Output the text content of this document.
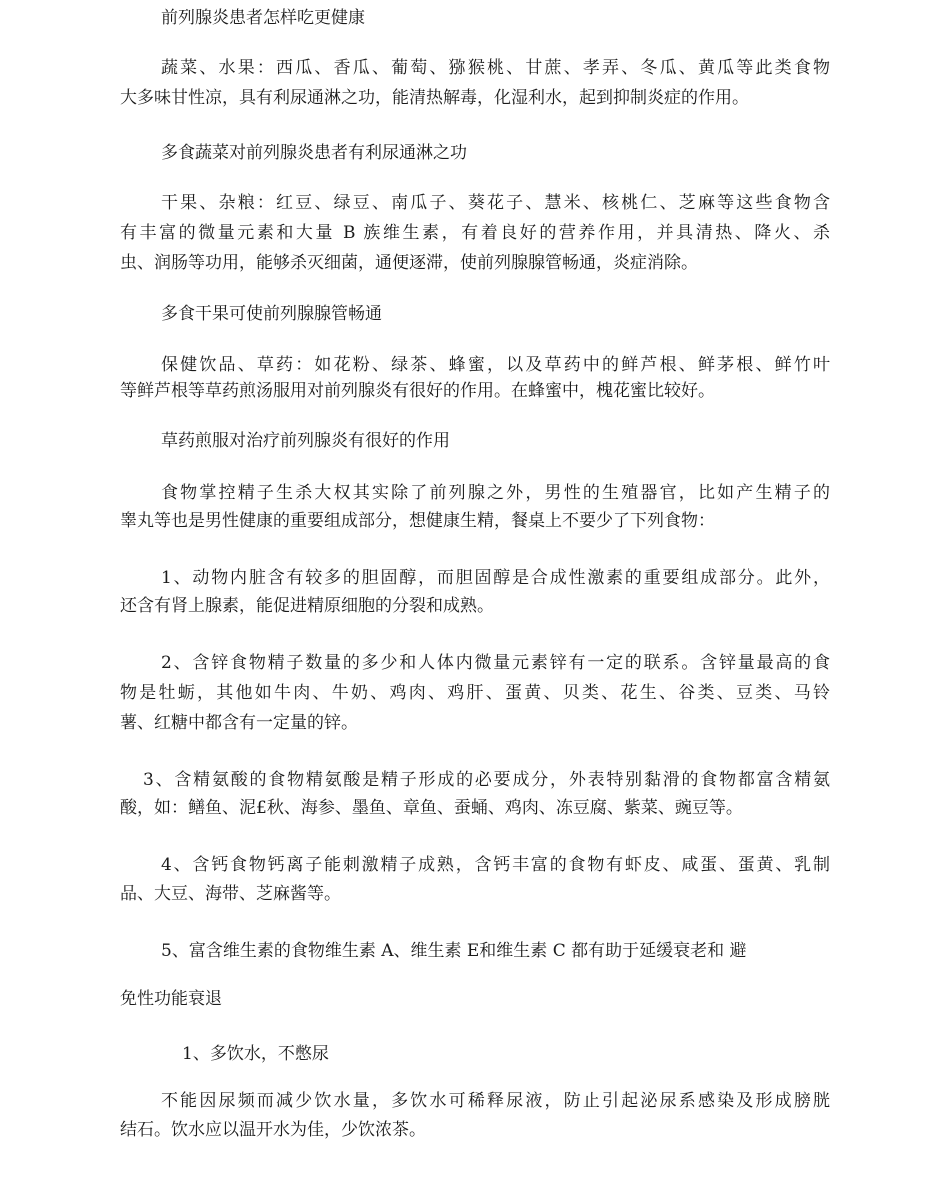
前列腺炎患者怎样吃更健康
蔬菜、水果：西瓜、香瓜、葡萄、猕猴桃、甘蔗、孝弄、冬瓜、黄瓜等此类食物
大多味甘性凉，具有利尿通淋之功，能清热解毒，化湿利水，起到抑制炎症的作用。
多食蔬菜对前列腺炎患者有利尿通淋之功
干果、杂粮：红豆、绿豆、南瓜子、葵花子、慧米、核桃仁、芝麻等这些食物含
有丰富的微量元素和大量 B 族维生素，有着良好的营养作用，并具清热、降火、杀
虫、润肠等功用，能够杀灭细菌，通便逐滞，使前列腺腺管畅通，炎症消除。
多食干果可使前列腺腺管畅通
保健饮品、草药：如花粉、绿茶、蜂蜜，以及草药中的鲜芦根、鲜茅根、鲜竹叶
等鲜芦根等草药煎汤服用对前列腺炎有很好的作用。在蜂蜜中，槐花蜜比较好。
草药煎服对治疗前列腺炎有很好的作用
食物掌控精子生杀大权其实除了前列腺之外，男性的生殖器官，比如产生精子的
睾丸等也是男性健康的重要组成部分，想健康生精，餐桌上不要少了下列食物：
1、动物内脏含有较多的胆固醇，而胆固醇是合成性激素的重要组成部分。此外，
还含有肾上腺素，能促进精原细胞的分裂和成熟。
2、含锌食物精子数量的多少和人体内微量元素锌有一定的联系。含锌量最高的食
物是牡蛎，其他如牛肉、牛奶、鸡肉、鸡肝、蛋黄、贝类、花生、谷类、豆类、马铃
薯、红糖中都含有一定量的锌。
3、含精氨酸的食物精氨酸是精子形成的必要成分，外表特别黏滑的食物都富含精氨
酸，如：鳝鱼、泥£秋、海参、墨鱼、章鱼、蚕蛹、鸡肉、冻豆腐、紫菜、豌豆等。
4、含钙食物钙离子能刺激精子成熟，含钙丰富的食物有虾皮、咸蛋、蛋黄、乳制
品、大豆、海带、芝麻酱等。
5、富含维生素的食物维生素 A、维生素 E和维生素 C 都有助于延缓衰老和 避
免性功能衰退
1、多饮水，不憋尿
不能因尿频而减少饮水量，多饮水可稀释尿液，防止引起泌尿系感染及形成膀胱
结石。饮水应以温开水为佳，少饮浓茶。
